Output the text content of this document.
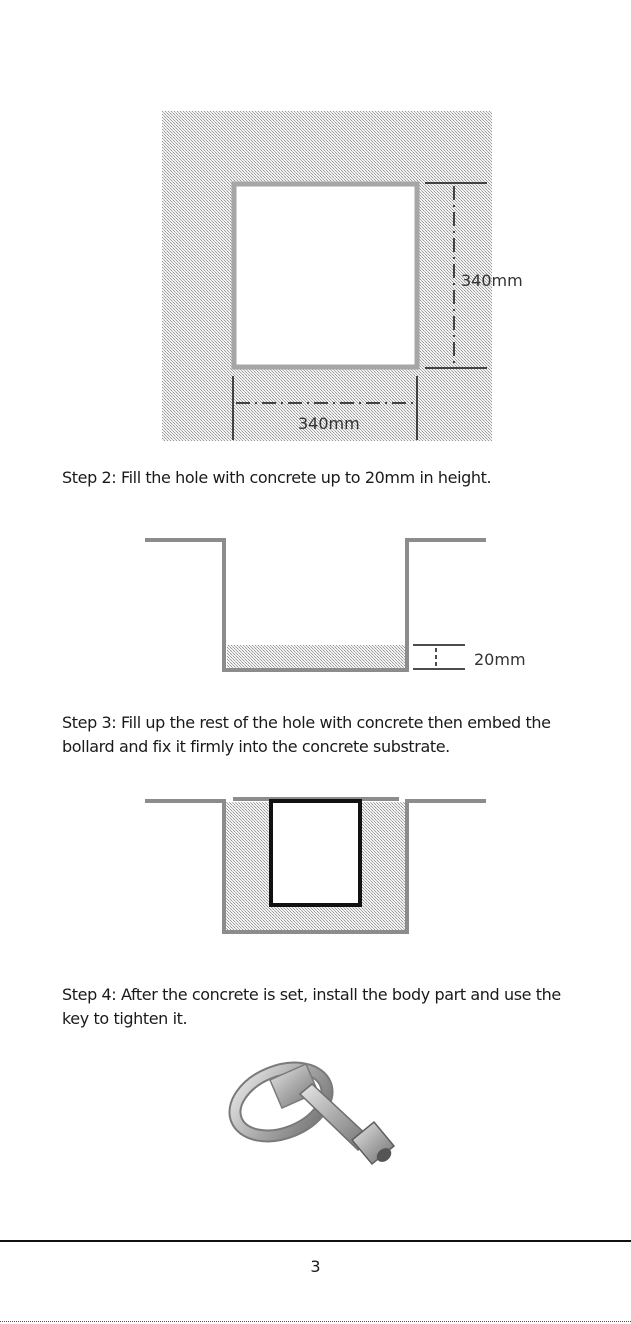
340mm
340mm
20mm

Step 2: Fill the hole with concrete up to 20mm in height.

Step 3: Fill up the rest of the hole with concrete then embed the bollard and fix it firmly into the concrete substrate.

Step 4: After the concrete is set, install the body part and use the key to tighten it.

3
